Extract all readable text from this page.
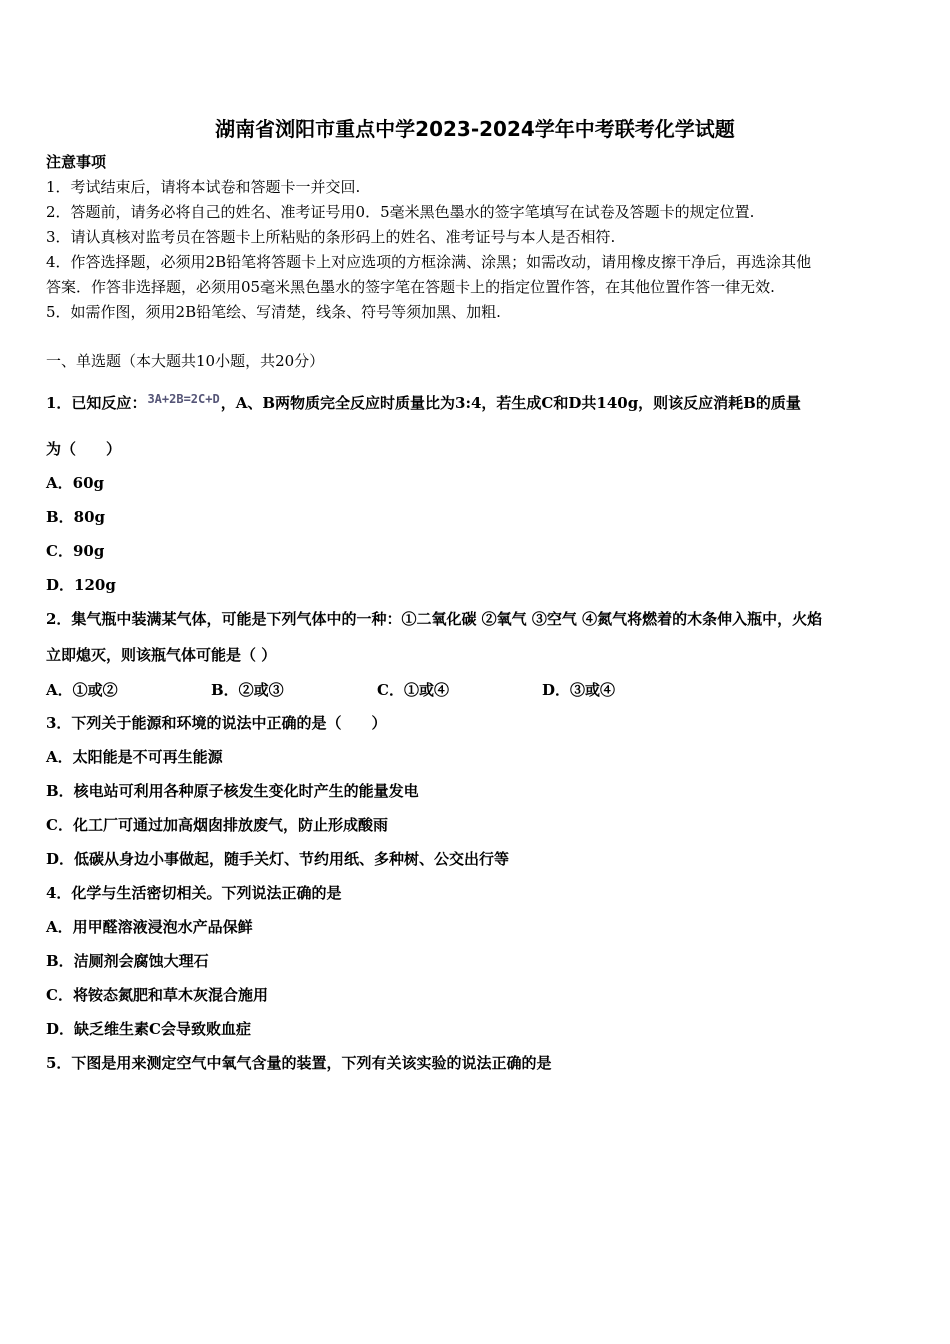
湖南省浏阳市重点中学2023-2024学年中考联考化学试题
注意事项
1．考试结束后，请将本试卷和答题卡一并交回.
2．答题前，请务必将自己的姓名、准考证号用0．5毫米黑色墨水的签字笔填写在试卷及答题卡的规定位置.
3．请认真核对监考员在答题卡上所粘贴的条形码上的姓名、准考证号与本人是否相符.
4．作答选择题，必须用2B铅笔将答题卡上对应选项的方框涂满、涂黑；如需改动，请用橡皮擦干净后，再选涂其他
答案．作答非选择题，必须用05毫米黑色墨水的签字笔在答题卡上的指定位置作答，在其他位置作答一律无效.
5．如需作图，须用2B铅笔绘、写清楚，线条、符号等须加黑、加粗.
一、单选题（本大题共10小题，共20分）
1．已知反应：3A+2B=2C+D，A、B两物质完全反应时质量比为3:4，若生成C和D共140g，则该反应消耗B的质量
为（　　）
A．60g
B．80g
C．90g
D．120g
2．集气瓶中装满某气体，可能是下列气体中的一种：①二氧化碳 ②氧气 ③空气 ④氮气将燃着的木条伸入瓶中，火焰
立即熄灭，则该瓶气体可能是（ ）
A．①或②	B．②或③	C．①或④	D．③或④
3．下列关于能源和环境的说法中正确的是（　　）
A．太阳能是不可再生能源
B．核电站可利用各种原子核发生变化时产生的能量发电
C．化工厂可通过加高烟囱排放废气，防止形成酸雨
D．低碳从身边小事做起，随手关灯、节约用纸、多种树、公交出行等
4．化学与生活密切相关。下列说法正确的是
A．用甲醛溶液浸泡水产品保鲜
B．洁厕剂会腐蚀大理石
C．将铵态氮肥和草木灰混合施用
D．缺乏维生素C会导致败血症
5．下图是用来测定空气中氧气含量的装置，下列有关该实验的说法正确的是
